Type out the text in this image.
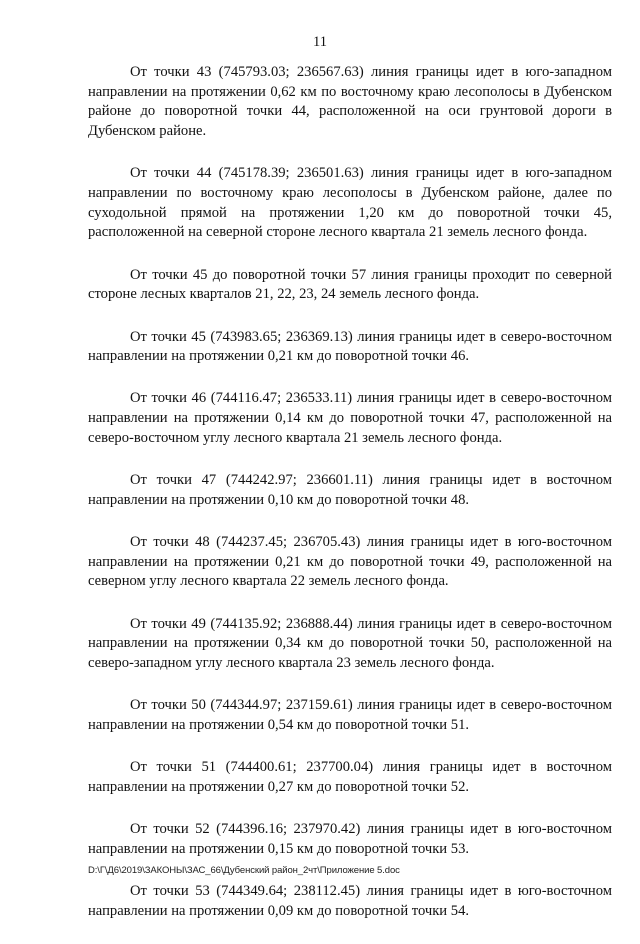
11

От точки 43 (745793.03; 236567.63) линия границы идет в юго-западном направлении на протяжении 0,62 км по восточному краю лесополосы в Дубенском районе до поворотной точки 44, расположенной на оси грунтовой дороги в Дубенском районе.

От точки 44 (745178.39; 236501.63) линия границы идет в юго-западном направлении по восточному краю лесополосы в Дубенском районе, далее по суходольной прямой на протяжении 1,20 км до поворотной точки 45, расположенной на северной стороне лесного квартала 21 земель лесного фонда.

От точки 45 до поворотной точки 57 линия границы проходит по северной стороне лесных кварталов 21, 22, 23, 24 земель лесного фонда.

От точки 45 (743983.65; 236369.13) линия границы идет в северо-восточном направлении на протяжении 0,21 км до поворотной точки 46.

От точки 46 (744116.47; 236533.11) линия границы идет в северо-восточном направлении на протяжении 0,14 км до поворотной точки 47, расположенной на северо-восточном углу лесного квартала 21 земель лесного фонда.

От точки 47 (744242.97; 236601.11) линия границы идет в восточном направлении на протяжении 0,10 км до поворотной точки 48.

От точки 48 (744237.45; 236705.43) линия границы идет в юго-восточном направлении на протяжении 0,21 км до поворотной точки 49, расположенной на северном углу лесного квартала 22 земель лесного фонда.

От точки 49 (744135.92; 236888.44) линия границы идет в северо-восточном направлении на протяжении 0,34 км до поворотной точки 50, расположенной на северо-западном углу лесного квартала 23 земель лесного фонда.

От точки 50 (744344.97; 237159.61) линия границы идет в северо-восточном направлении на протяжении 0,54 км до поворотной точки 51.

От точки 51 (744400.61; 237700.04) линия границы идет в восточном направлении на протяжении 0,27 км до поворотной точки 52.

От точки 52 (744396.16; 237970.42) линия границы идет в юго-восточном направлении на протяжении 0,15 км до поворотной точки 53.

От точки 53 (744349.64; 238112.45) линия границы идет в юго-восточном направлении на протяжении 0,09 км до поворотной точки 54.

D:\Г\Д6\2019\ЗАКОНЫ\ЗАС_66\Дубенский район_2чт\Приложение 5.doc
